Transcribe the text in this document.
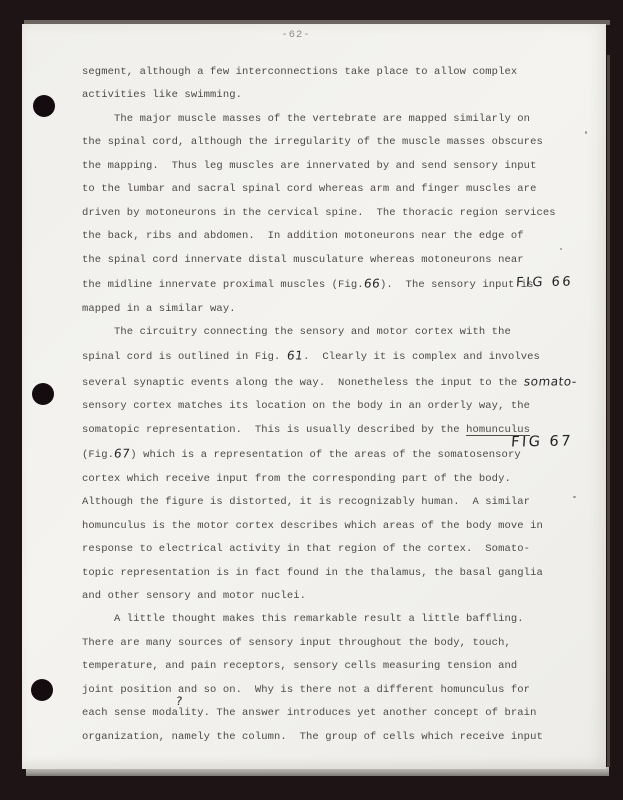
-62-
FIG 66
FIG 67
segment, although a few interconnections take place to allow complex
activities like swimming.
The major muscle masses of the vertebrate are mapped similarly on
the spinal cord, although the irregularity of the muscle masses obscures
the mapping.  Thus leg muscles are innervated by and send sensory input
to the lumbar and sacral spinal cord whereas arm and finger muscles are
driven by motoneurons in the cervical spine.  The thoracic region services
the back, ribs and abdomen.  In addition motoneurons near the edge of
the spinal cord innervate distal musculature whereas motoneurons near
the midline innervate proximal muscles (Fig.66).  The sensory input is
mapped in a similar way.
The circuitry connecting the sensory and motor cortex with the
spinal cord is outlined in Fig. 61.  Clearly it is complex and involves
several synaptic events along the way.  Nonetheless the input to the somato-
sensory cortex matches its location on the body in an orderly way, the
somatopic representation.  This is usually described by the homunculus
(Fig.67) which is a representation of the areas of the somatosensory
cortex which receive input from the corresponding part of the body.
Although the figure is distorted, it is recognizably human.  A similar
homunculus is the motor cortex describes which areas of the body move in
response to electrical activity in that region of the cortex.  Somato-
topic representation is in fact found in the thalamus, the basal ganglia
and other sensory and motor nuclei.
A little thought makes this remarkable result a little baffling.
There are many sources of sensory input throughout the body, touch,
temperature, and pain receptors, sensory cells measuring tension and
joint position and so on.  Why is there not a different homunculus for
each sense modality
?
. The answer introduces yet another concept of brain
organization, namely the column.  The group of cells which receive input
